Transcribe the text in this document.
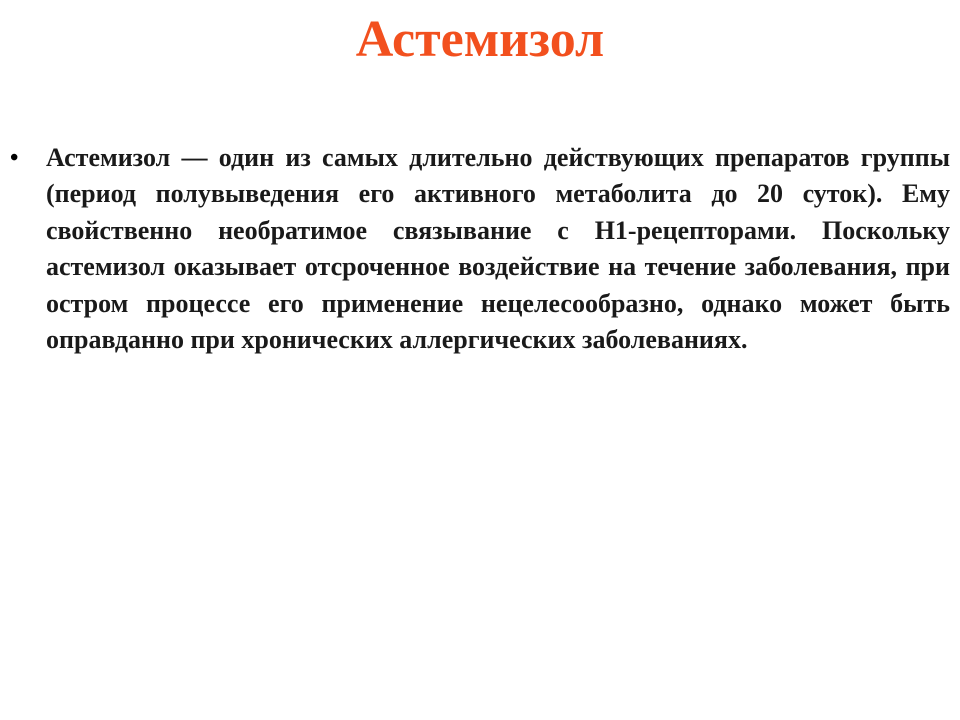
Астемизол
• Астемизол — один из самых длительно действующих препаратов группы (период полувыведения его активного метаболита до 20 суток). Ему свойственно необратимое связывание с Н1-рецепторами. Поскольку астемизол оказывает отсроченное воздействие на течение заболевания, при остром процессе его применение нецелесообразно, однако может быть оправданно при хронических аллергических заболеваниях.
